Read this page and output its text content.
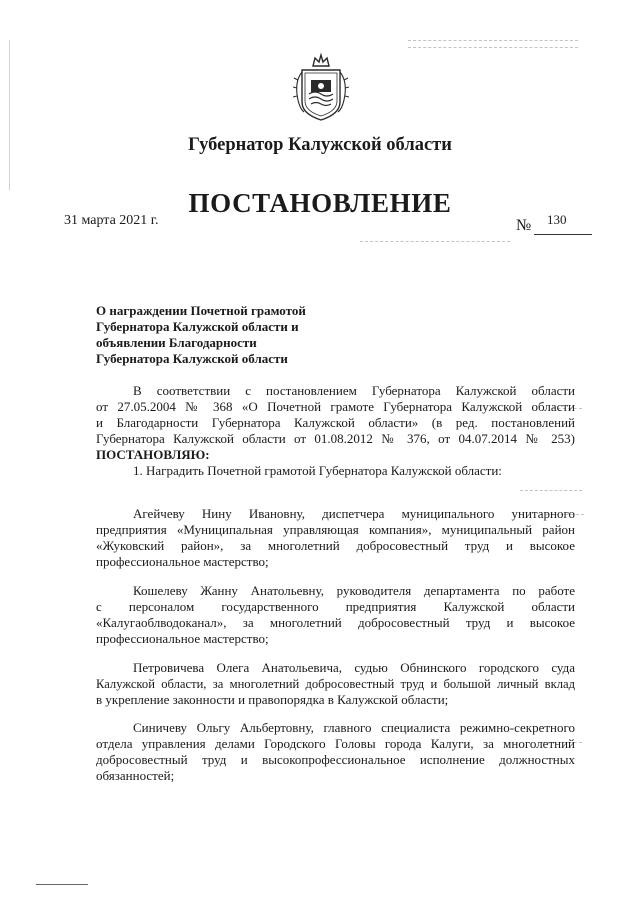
Губернатор Калужской области
ПОСТАНОВЛЕНИЕ
31 марта 2021 г.	№ 130
О награждении Почетной грамотой Губернатора Калужской области и объявлении Благодарности Губернатора Калужской области
В соответствии с постановлением Губернатора Калужской области
от 27.05.2004 № 368 «О Почетной грамоте Губернатора Калужской области
и Благодарности Губернатора Калужской области» (в ред. постановлений
Губернатора Калужской области от 01.08.2012 № 376, от 04.07.2014 № 253)
ПОСТАНОВЛЯЮ:
1. Наградить Почетной грамотой Губернатора Калужской области:
Агейчеву Нину Ивановну, диспетчера муниципального унитарного
предприятия «Муниципальная управляющая компания», муниципальный район
«Жуковский район», за многолетний добросовестный труд и высокое
профессиональное мастерство;
Кошелеву Жанну Анатольевну, руководителя департамента по работе
с персоналом государственного предприятия Калужской области
«Калугаоблводоканал», за многолетний добросовестный труд и высокое
профессиональное мастерство;
Петровичева Олега Анатольевича, судью Обнинского городского суда
Калужской области, за многолетний добросовестный труд и большой личный вклад
в укрепление законности и правопорядка в Калужской области;
Синичеву Ольгу Альбертовну, главного специалиста режимно-секретного
отдела управления делами Городского Головы города Калуги, за многолетний
добросовестный труд и высокопрофессиональное исполнение должностных
обязанностей;
